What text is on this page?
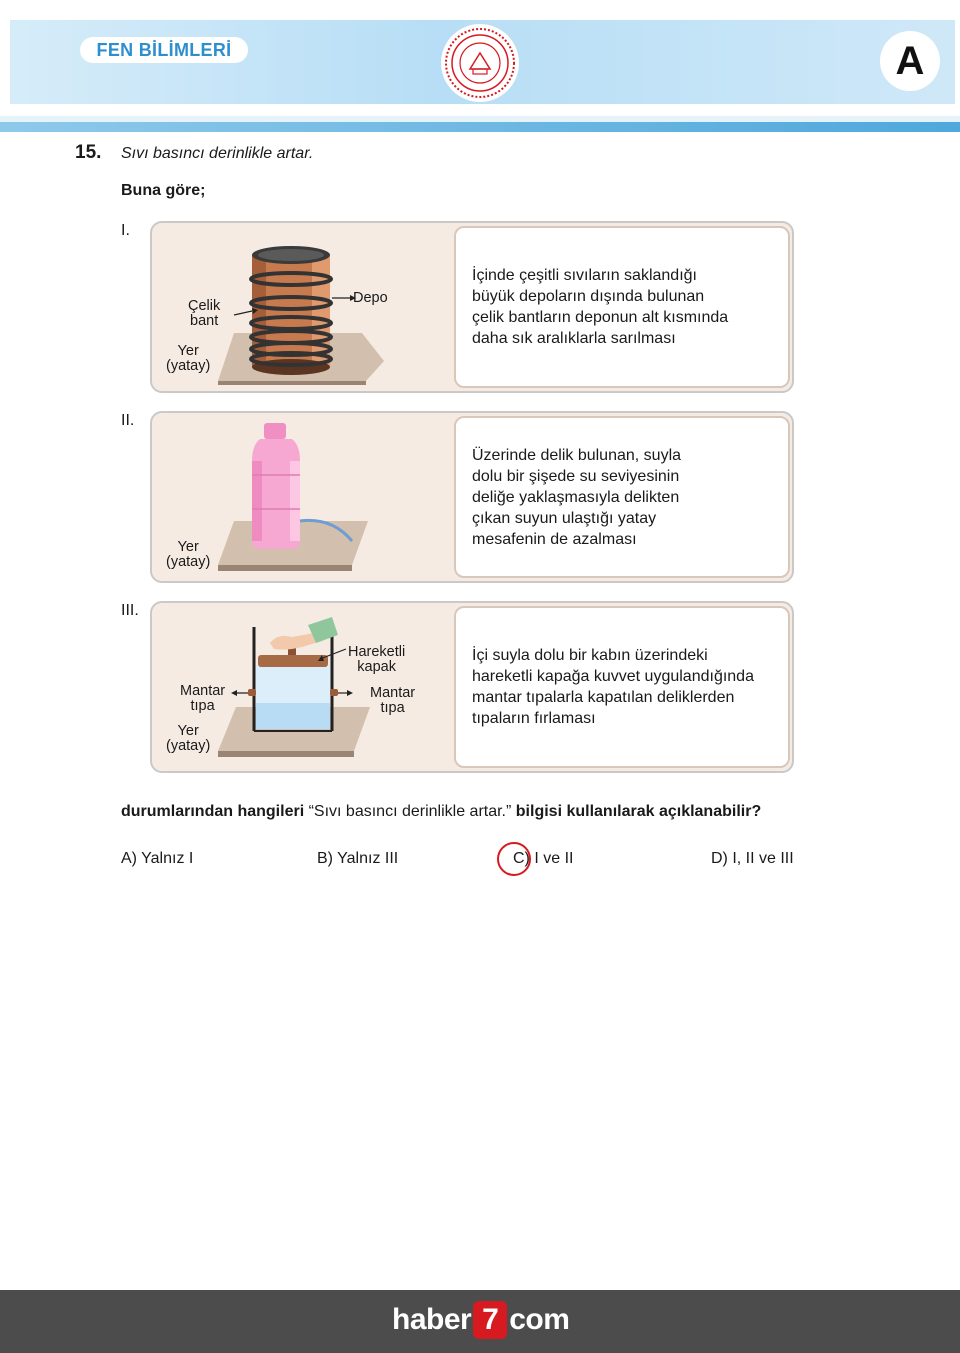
FEN BİLİMLERİ	A
15. Sıvı basıncı derinlikle artar.
Buna göre;
I.
Çelik
bant
Depo
Yer
(yatay)
İçinde çeşitli sıvıların saklandığı
büyük depoların dışında bulunan
çelik bantların deponun alt kısmında
daha sık aralıklarla sarılması
II.
Yer
(yatay)
Üzerinde delik bulunan, suyla
dolu bir şişede su seviyesinin
deliğe yaklaşmasıyla delikten
çıkan suyun ulaştığı yatay
mesafenin de azalması
III.
Hareketli
kapak
Mantar
tıpa
Mantar
tıpa
Yer
(yatay)
İçi suyla dolu bir kabın üzerindeki
hareketli kapağa kuvvet uygulandığında
mantar tıpalarla kapatılan deliklerden
tıpaların fırlaması
durumlarından hangileri “Sıvı basıncı derinlikle artar.” bilgisi kullanılarak açıklanabilir?
A) Yalnız I	B) Yalnız III	C) I ve II	D) I, II ve III
haber 7 com
